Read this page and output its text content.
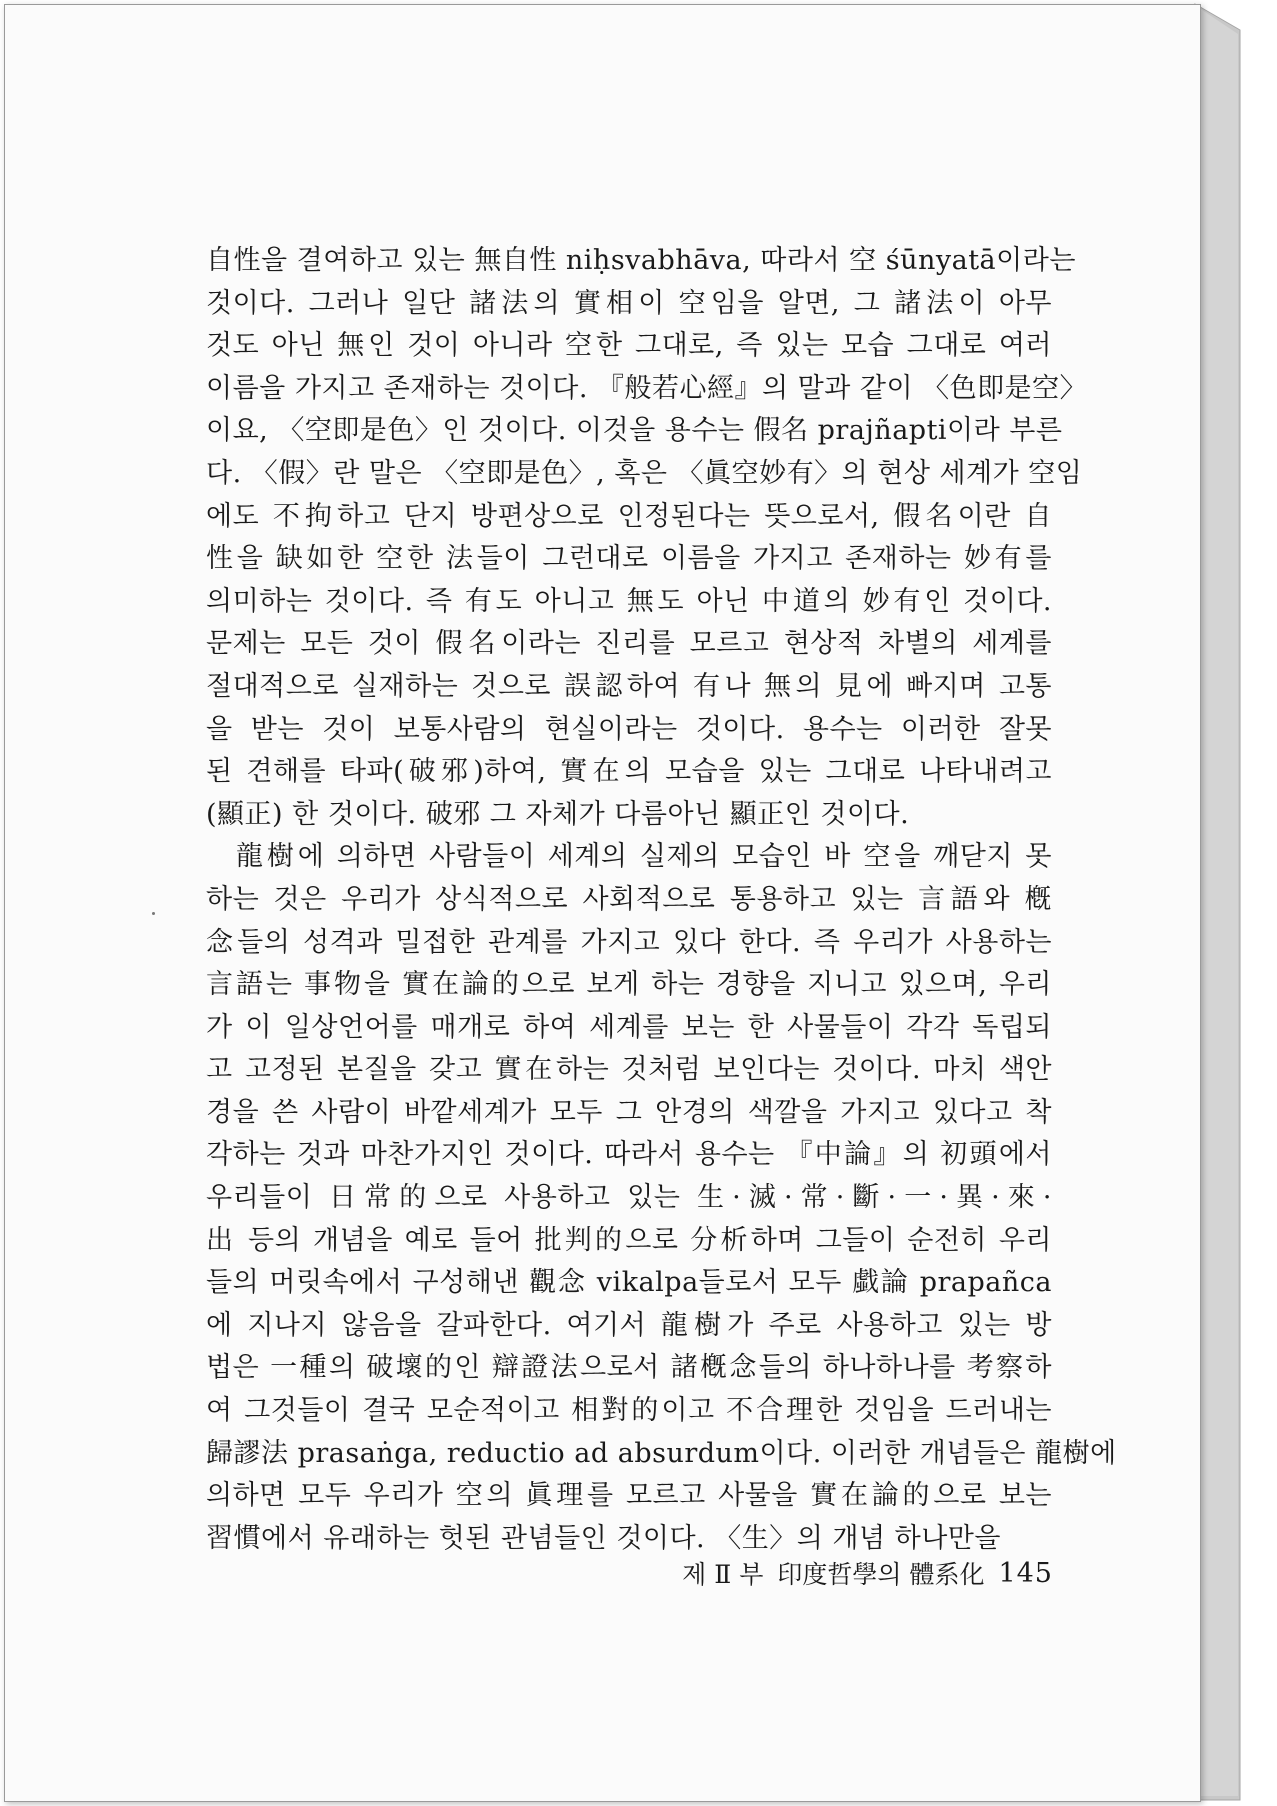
自性을 결여하고 있는 無自性 niḥsvabhāva, 따라서 空 śūnyatā이라는
것이다. 그러나 일단 諸法의 實相이 空임을 알면, 그 諸法이 아무
것도 아닌 無인 것이 아니라 空한 그대로, 즉 있는 모습 그대로 여러
이름을 가지고 존재하는 것이다. 『般若心經』의 말과 같이 〈色即是空〉
이요, 〈空即是色〉인 것이다. 이것을 용수는 假名 prajñapti이라 부른
다. 〈假〉란 말은 〈空即是色〉, 혹은 〈眞空妙有〉의 현상 세계가 空임
에도 不拘하고 단지 방편상으로 인정된다는 뜻으로서, 假名이란 自
性을 缺如한 空한 法들이 그런대로 이름을 가지고 존재하는 妙有를
의미하는 것이다. 즉 有도 아니고 無도 아닌 中道의 妙有인 것이다.
문제는 모든 것이 假名이라는 진리를 모르고 현상적 차별의 세계를
절대적으로 실재하는 것으로 誤認하여 有나 無의 見에 빠지며 고통
을 받는 것이 보통사람의 현실이라는 것이다. 용수는 이러한 잘못
된 견해를 타파(破邪)하여, 實在의 모습을 있는 그대로 나타내려고
(顯正) 한 것이다. 破邪 그 자체가 다름아닌 顯正인 것이다.
龍樹에 의하면 사람들이 세계의 실제의 모습인 바 空을 깨닫지 못
하는 것은 우리가 상식적으로 사회적으로 통용하고 있는 言語와 槪
念들의 성격과 밀접한 관계를 가지고 있다 한다. 즉 우리가 사용하는
言語는 事物을 實在論的으로 보게 하는 경향을 지니고 있으며, 우리
가 이 일상언어를 매개로 하여 세계를 보는 한 사물들이 각각 독립되
고 고정된 본질을 갖고 實在하는 것처럼 보인다는 것이다. 마치 색안
경을 쓴 사람이 바깥세계가 모두 그 안경의 색깔을 가지고 있다고 착
각하는 것과 마찬가지인 것이다. 따라서 용수는 『中論』의 初頭에서
우리들이 日常的으로 사용하고 있는 生·滅·常·斷·一·異·來·
出 등의 개념을 예로 들어 批判的으로 分析하며 그들이 순전히 우리
들의 머릿속에서 구성해낸 觀念 vikalpa들로서 모두 戱論 prapañca
에 지나지 않음을 갈파한다. 여기서 龍樹가 주로 사용하고 있는 방
법은 一種의 破壞的인 辯證法으로서 諸槪念들의 하나하나를 考察하
여 그것들이 결국 모순적이고 相對的이고 不合理한 것임을 드러내는
歸謬法 prasaṅga, reductio ad absurdum이다. 이러한 개념들은 龍樹에
의하면 모두 우리가 空의 眞理를 모르고 사물을 實在論的으로 보는
習慣에서 유래하는 헛된 관념들인 것이다. 〈生〉의 개념 하나만을
제 Ⅱ 부 印度哲學의 體系化 145
